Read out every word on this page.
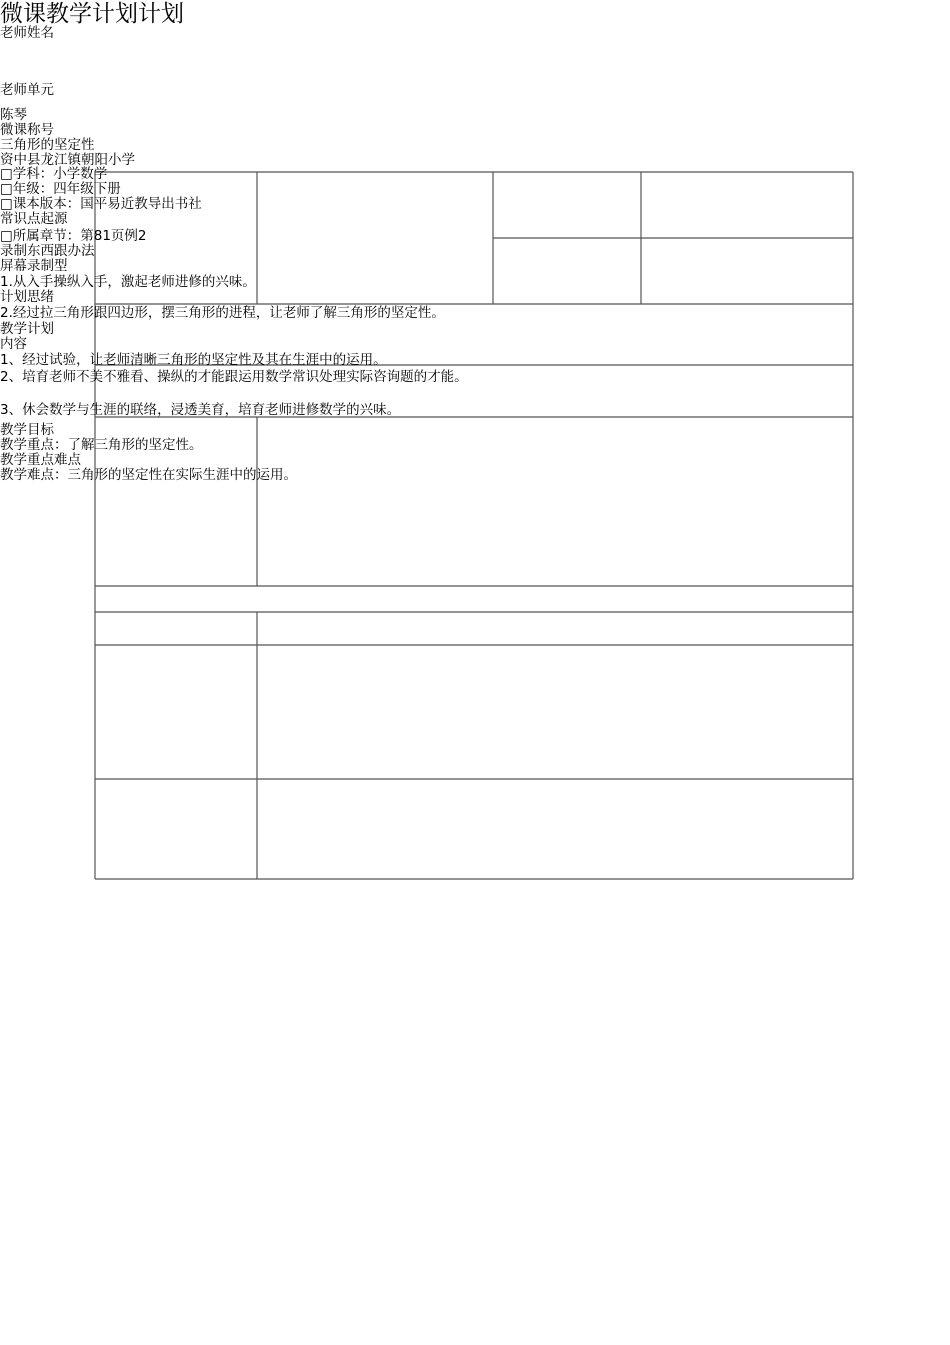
微课教学计划计划
老师姓名
老师单元
陈琴
微课称号
三角形的坚定性
资中县龙江镇朝阳小学
□学科：小学数学
□年级：四年级下册
□课本版本：国平易近教导出书社
常识点起源
□所属章节：第81页例2
录制东西跟办法
屏幕录制型
1.从入手操纵入手，激起老师进修的兴味。
计划思绪
2.经过拉三角形跟四边形，摆三角形的进程，让老师了解三角形的坚定性。
教学计划
内容
1、经过试验，让老师清晰三角形的坚定性及其在生涯中的运用。
2、培育老师不美不雅看、操纵的才能跟运用数学常识处理实际咨询题的才能。
3、休会数学与生涯的联络，浸透美育，培育老师进修数学的兴味。
教学目标
教学重点：了解三角形的坚定性。
教学重点难点
教学难点：三角形的坚定性在实际生涯中的运用。
